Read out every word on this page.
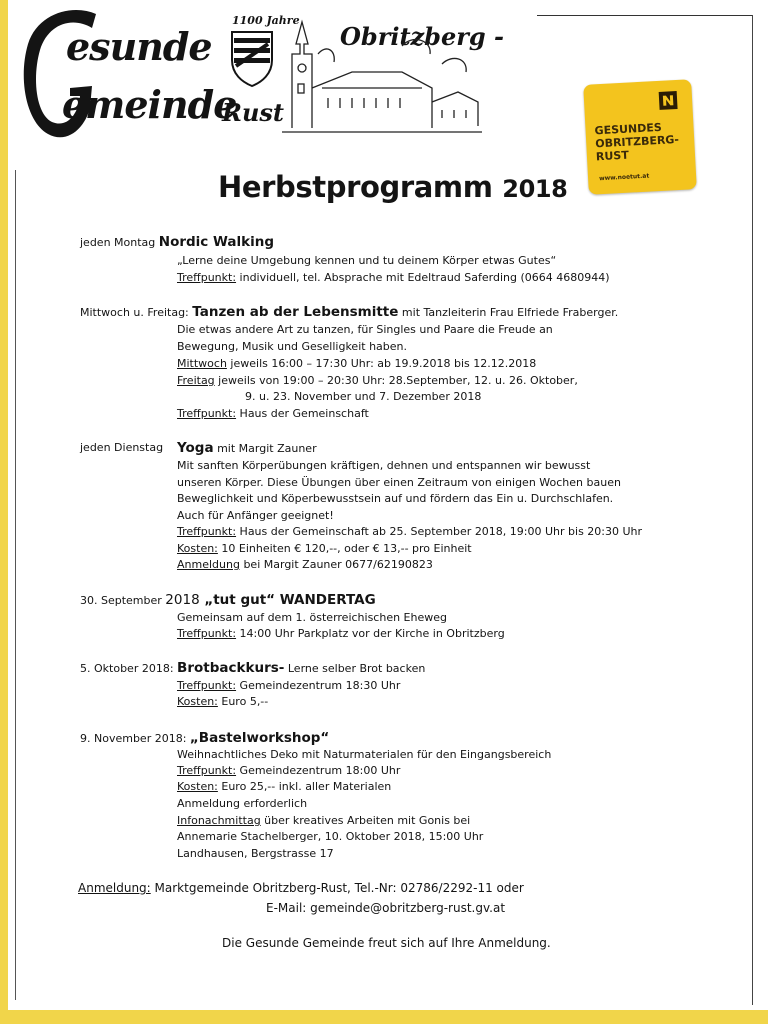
esunde
emeinde
1100 Jahre
Obritzberg -
Rust
GESUNDES
OBRITZBERG-
RUST
www.noetut.at
Herbstprogramm 2018
jeden Montag Nordic Walking
„Lerne deine Umgebung kennen und tu deinem Körper etwas Gutes“
Treffpunkt: individuell, tel. Absprache mit Edeltraud Saferding (0664 4680944)
Mittwoch u. Freitag: Tanzen ab der Lebensmitte mit Tanzleiterin Frau Elfriede Fraberger.
Die etwas andere Art zu tanzen, für Singles und Paare die Freude an
Bewegung, Musik und Geselligkeit haben.
Mittwoch jeweils 16:00 – 17:30 Uhr: ab 19.9.2018 bis 12.12.2018
Freitag jeweils von 19:00 – 20:30 Uhr: 28.September, 12. u. 26. Oktober,
9. u. 23. November und 7. Dezember 2018
Treffpunkt: Haus der Gemeinschaft
jeden Dienstag Yoga mit Margit Zauner
Mit sanften Körperübungen kräftigen, dehnen und entspannen wir bewusst
unseren Körper. Diese Übungen über einen Zeitraum von einigen Wochen bauen
Beweglichkeit und Köperbewusstsein auf und fördern das Ein u. Durchschlafen.
Auch für Anfänger geeignet!
Treffpunkt: Haus der Gemeinschaft ab 25. September 2018, 19:00 Uhr bis 20:30 Uhr
Kosten: 10 Einheiten € 120,--, oder € 13,-- pro Einheit
Anmeldung bei Margit Zauner 0677/62190823
30. September 2018 „tut gut“ WANDERTAG
Gemeinsam auf dem 1. österreichischen Eheweg
Treffpunkt: 14:00 Uhr Parkplatz vor der Kirche in Obritzberg
5. Oktober 2018: Brotbackkurs- Lerne selber Brot backen
Treffpunkt: Gemeindezentrum 18:30 Uhr
Kosten: Euro 5,--
9. November 2018: „Bastelworkshop“
Weihnachtliches Deko mit Naturmaterialen für den Eingangsbereich
Treffpunkt: Gemeindezentrum 18:00 Uhr
Kosten: Euro 25,-- inkl. aller Materialen
Anmeldung erforderlich
Infonachmittag über kreatives Arbeiten mit Gonis bei
Annemarie Stachelberger, 10. Oktober 2018, 15:00 Uhr
Landhausen, Bergstrasse 17
Anmeldung: Marktgemeinde Obritzberg-Rust, Tel.-Nr: 02786/2292-11 oder
E-Mail: gemeinde@obritzberg-rust.gv.at
Die Gesunde Gemeinde freut sich auf Ihre Anmeldung.
